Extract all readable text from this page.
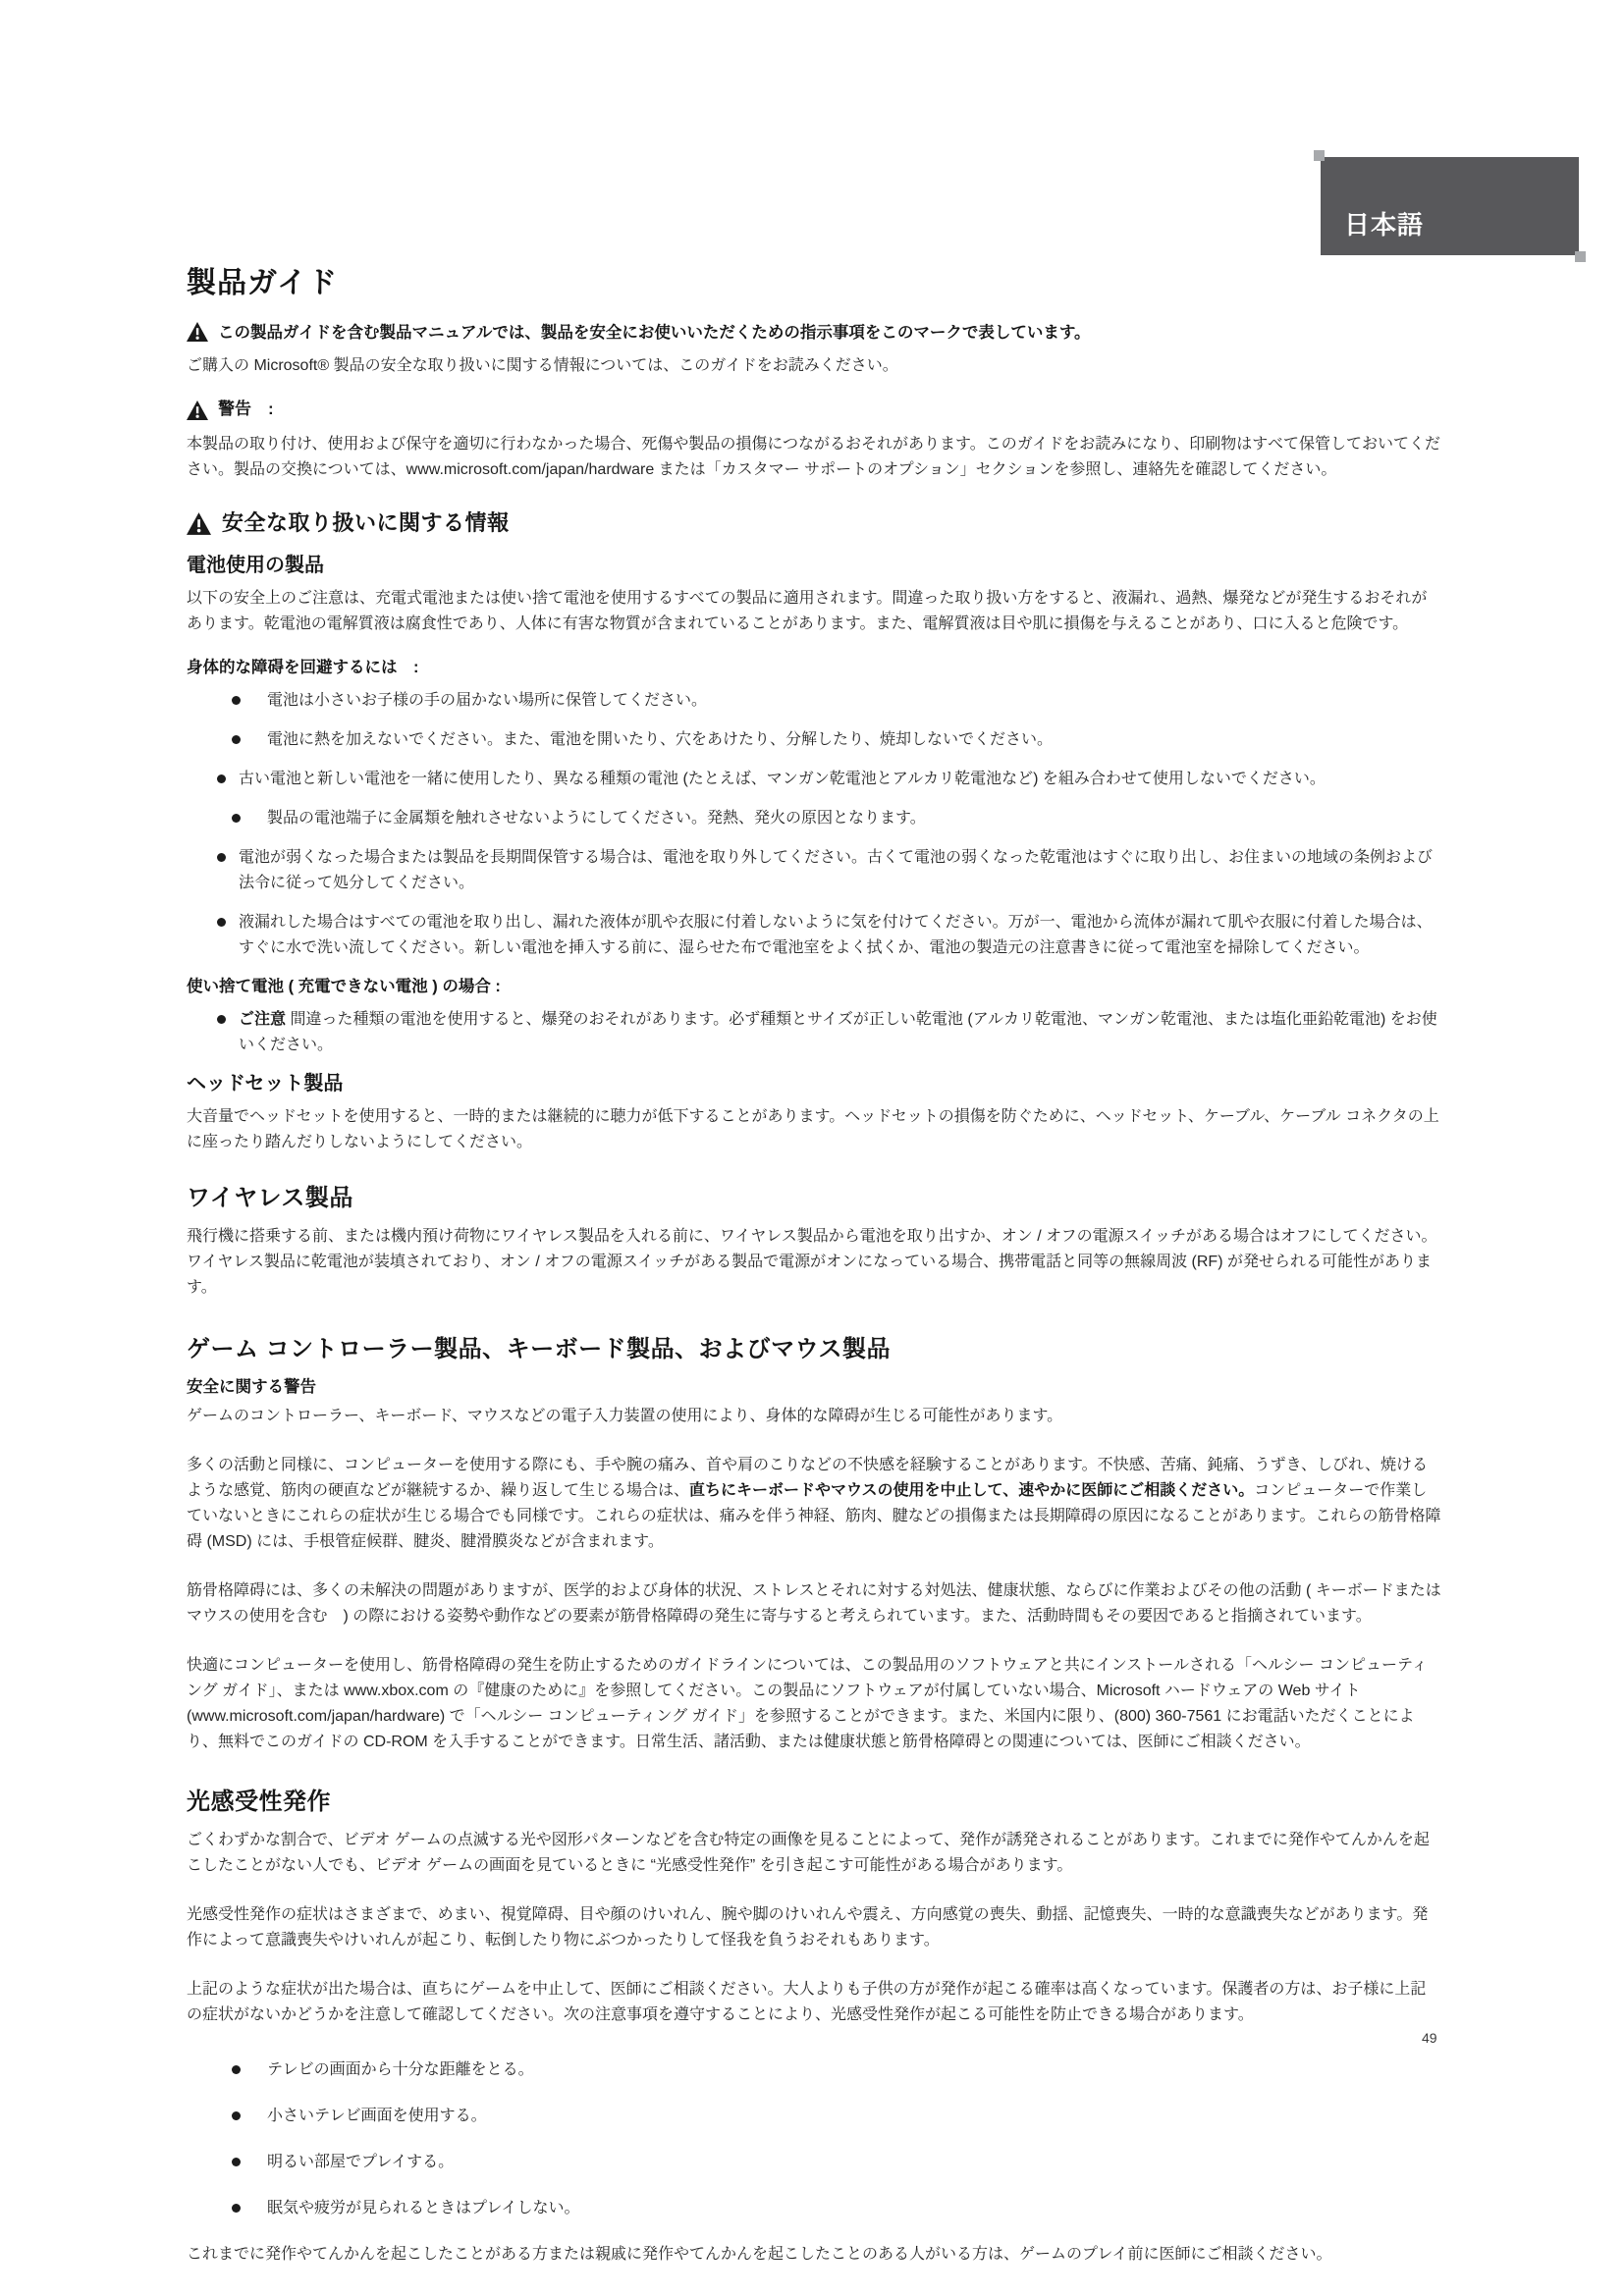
日本語
製品ガイド
この製品ガイドを含む製品マニュアルでは、製品を安全にお使いいただくための指示事項をこのマークで表しています。

ご購入の Microsoft® 製品の安全な取り扱いに関する情報については、このガイドをお読みください。

警告　:

本製品の取り付け、使用および保守を適切に行わなかった場合、死傷や製品の損傷につながるおそれがあります。このガイドをお読みになり、印刷物はすべて保管しておいてください。製品の交換については、www.microsoft.com/japan/hardware または「カスタマー サポートのオプション」セクションを参照し、連絡先を確認してください。

安全な取り扱いに関する情報
電池使用の製品

以下の安全上のご注意は、充電式電池または使い捨て電池を使用するすべての製品に適用されます。間違った取り扱い方をすると、液漏れ、過熱、爆発などが発生するおそれがあります。乾電池の電解質液は腐食性であり、人体に有害な物質が含まれていることがあります。また、電解質液は目や肌に損傷を与えることがあり、口に入ると危険です。

身体的な障碍を回避するには　:
電池は小さいお子様の手の届かない場所に保管してください。
電池に熱を加えないでください。また、電池を開いたり、穴をあけたり、分解したり、焼却しないでください。
古い電池と新しい電池を一緒に使用したり、異なる種類の電池 (たとえば、マンガン乾電池とアルカリ乾電池など) を組み合わせて使用しないでください。
製品の電池端子に金属類を触れさせないようにしてください。発熱、発火の原因となります。
電池が弱くなった場合または製品を長期間保管する場合は、電池を取り外してください。古くて電池の弱くなった乾電池はすぐに取り出し、お住まいの地域の条例および法令に従って処分してください。
液漏れした場合はすべての電池を取り出し、漏れた液体が肌や衣服に付着しないように気を付けてください。万が一、電池から流体が漏れて肌や衣服に付着した場合は、すぐに水で洗い流してください。新しい電池を挿入する前に、湿らせた布で電池室をよく拭くか、電池の製造元の注意書きに従って電池室を掃除してください。
使い捨て電池 ( 充電できない電池 ) の場合 :
ご注意 間違った種類の電池を使用すると、爆発のおそれがあります。必ず種類とサイズが正しい乾電池 (アルカリ乾電池、マンガン乾電池、または塩化亜鉛乾電池) をお使いください。
ヘッドセット製品

大音量でヘッドセットを使用すると、一時的または継続的に聴力が低下することがあります。ヘッドセットの損傷を防ぐために、ヘッドセット、ケーブル、ケーブル コネクタの上に座ったり踏んだりしないようにしてください。

ワイヤレス製品

飛行機に搭乗する前、または機内預け荷物にワイヤレス製品を入れる前に、ワイヤレス製品から電池を取り出すか、オン / オフの電源スイッチがある場合はオフにしてください。ワイヤレス製品に乾電池が装填されており、オン / オフの電源スイッチがある製品で電源がオンになっている場合、携帯電話と同等の無線周波 (RF) が発せられる可能性があります。

ゲーム コントローラー製品、キーボード製品、およびマウス製品
安全に関する警告

ゲームのコントローラー、キーボード、マウスなどの電子入力装置の使用により、身体的な障碍が生じる可能性があります。

多くの活動と同様に、コンピューターを使用する際にも、手や腕の痛み、首や肩のこりなどの不快感を経験することがあります。不快感、苦痛、鈍痛、うずき、しびれ、焼けるような感覚、筋肉の硬直などが継続するか、繰り返して生じる場合は、直ちにキーボードやマウスの使用を中止して、速やかに医師にご相談ください。コンピューターで作業していないときにこれらの症状が生じる場合でも同様です。これらの症状は、痛みを伴う神経、筋肉、腱などの損傷または長期障碍の原因になることがあります。これらの筋骨格障碍 (MSD) には、手根管症候群、腱炎、腱滑膜炎などが含まれます。

筋骨格障碍には、多くの未解決の問題がありますが、医学的および身体的状況、ストレスとそれに対する対処法、健康状態、ならびに作業およびその他の活動 ( キーボードまたはマウスの使用を含む　) の際における姿勢や動作などの要素が筋骨格障碍の発生に寄与すると考えられています。また、活動時間もその要因であると指摘されています。

快適にコンピューターを使用し、筋骨格障碍の発生を防止するためのガイドラインについては、この製品用のソフトウェアと共にインストールされる「ヘルシー コンピューティング ガイド」、または www.xbox.com の『健康のために』を参照してください。この製品にソフトウェアが付属していない場合、Microsoft ハードウェアの Web サイト (www.microsoft.com/japan/hardware) で「ヘルシー コンピューティング ガイド」を参照することができます。また、米国内に限り、(800) 360-7561 にお電話いただくことにより、無料でこのガイドの CD-ROM を入手することができます。日常生活、諸活動、または健康状態と筋骨格障碍との関連については、医師にご相談ください。

光感受性発作

ごくわずかな割合で、ビデオ ゲームの点滅する光や図形パターンなどを含む特定の画像を見ることによって、発作が誘発されることがあります。これまでに発作やてんかんを起こしたことがない人でも、ビデオ ゲームの画面を見ているときに “光感受性発作” を引き起こす可能性がある場合があります。

光感受性発作の症状はさまざまで、めまい、視覚障碍、目や顔のけいれん、腕や脚のけいれんや震え、方向感覚の喪失、動揺、記憶喪失、一時的な意識喪失などがあります。発作によって意識喪失やけいれんが起こり、転倒したり物にぶつかったりして怪我を負うおそれもあります。

上記のような症状が出た場合は、直ちにゲームを中止して、医師にご相談ください。大人よりも子供の方が発作が起こる確率は高くなっています。保護者の方は、お子様に上記の症状がないかどうかを注意して確認してください。次の注意事項を遵守することにより、光感受性発作が起こる可能性を防止できる場合があります。

テレビの画面から十分な距離をとる。
小さいテレビ画面を使用する。
明るい部屋でプレイする。
眠気や疲労が見られるときはプレイしない。

これまでに発作やてんかんを起こしたことがある方または親戚に発作やてんかんを起こしたことのある人がいる方は、ゲームのプレイ前に医師にご相談ください。

49
